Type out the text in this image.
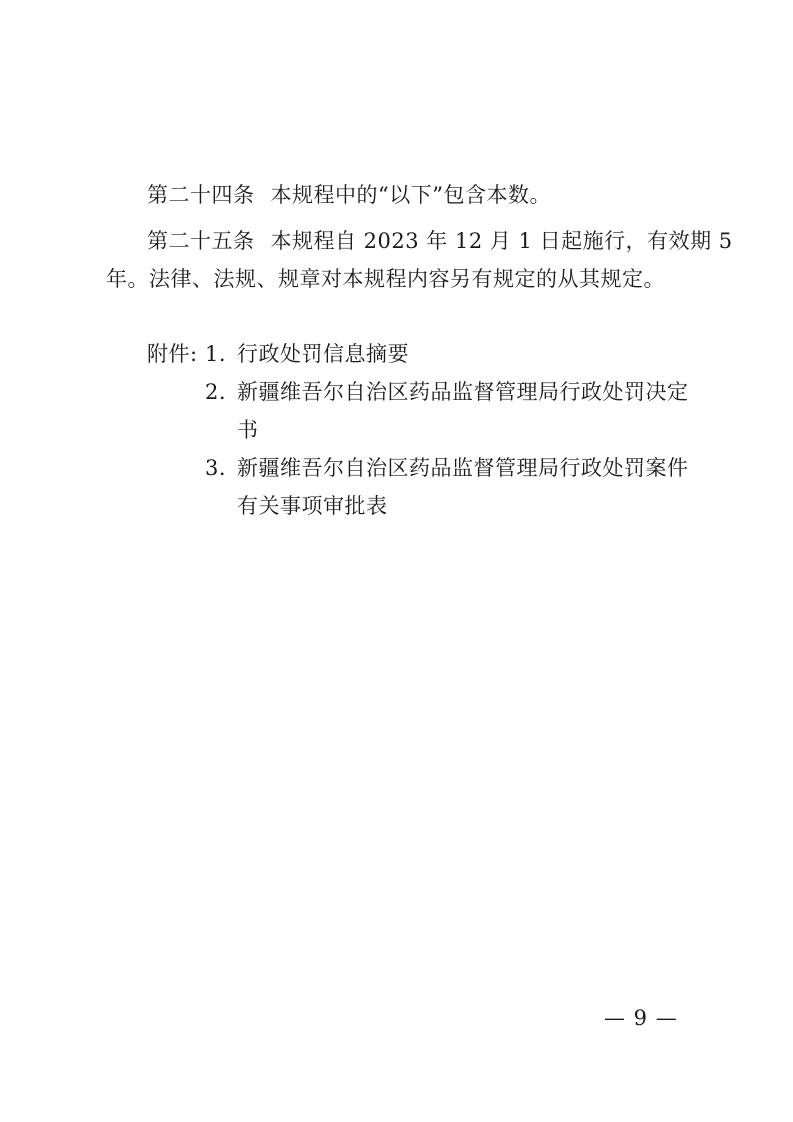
第二十四条 本规程中的“以下”包含本数。
第二十五条 本规程自 2023 年 12 月 1 日起施行，有效期 5
年。法律、法规、规章对本规程内容另有规定的从其规定。
附件: 1. 行政处罚信息摘要
2. 新疆维吾尔自治区药品监督管理局行政处罚决定
书
3. 新疆维吾尔自治区药品监督管理局行政处罚案件
有关事项审批表
— 9 —
